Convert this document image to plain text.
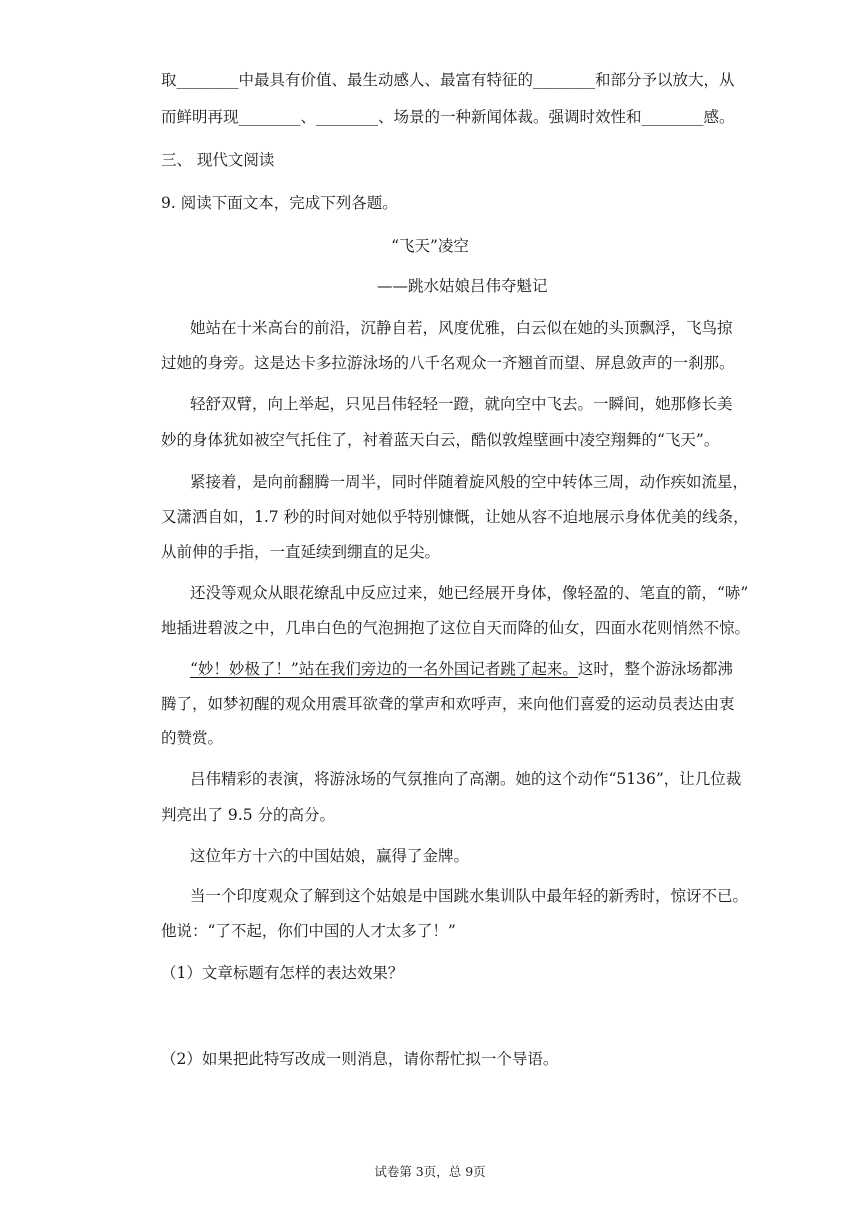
取________中最具有价值、最生动感人、最富有特征的________和部分予以放大，从
而鲜明再现________、________、场景的一种新闻体裁。强调时效性和________感。
三、 现代文阅读
9. 阅读下面文本，完成下列各题。
“飞天”凌空
——跳水姑娘吕伟夺魁记
她站在十米高台的前沿，沉静自若，风度优雅，白云似在她的头顶飘浮，飞鸟掠
过她的身旁。这是达卡多拉游泳场的八千名观众一齐翘首而望、屏息敛声的一刹那。
轻舒双臂，向上举起，只见吕伟轻轻一蹬，就向空中飞去。一瞬间，她那修长美
妙的身体犹如被空气托住了，衬着蓝天白云，酷似敦煌壁画中凌空翔舞的“飞天”。
紧接着，是向前翻腾一周半，同时伴随着旋风般的空中转体三周，动作疾如流星，
又潇洒自如，1.7 秒的时间对她似乎特别慷慨，让她从容不迫地展示身体优美的线条，
从前伸的手指，一直延续到绷直的足尖。
还没等观众从眼花缭乱中反应过来，她已经展开身体，像轻盈的、笔直的箭，“哧”
地插进碧波之中，几串白色的气泡拥抱了这位自天而降的仙女，四面水花则悄然不惊。
“妙！妙极了！”站在我们旁边的一名外国记者跳了起来。这时，整个游泳场都沸
腾了，如梦初醒的观众用震耳欲聋的掌声和欢呼声，来向他们喜爱的运动员表达由衷
的赞赏。
吕伟精彩的表演，将游泳场的气氛推向了高潮。她的这个动作“5136”，让几位裁
判亮出了 9.5 分的高分。
这位年方十六的中国姑娘，赢得了金牌。
当一个印度观众了解到这个姑娘是中国跳水集训队中最年轻的新秀时，惊讶不已。
他说：“了不起，你们中国的人才太多了！”
（1）文章标题有怎样的表达效果？
（2）如果把此特写改成一则消息，请你帮忙拟一个导语。
试卷第 3页，总 9页
